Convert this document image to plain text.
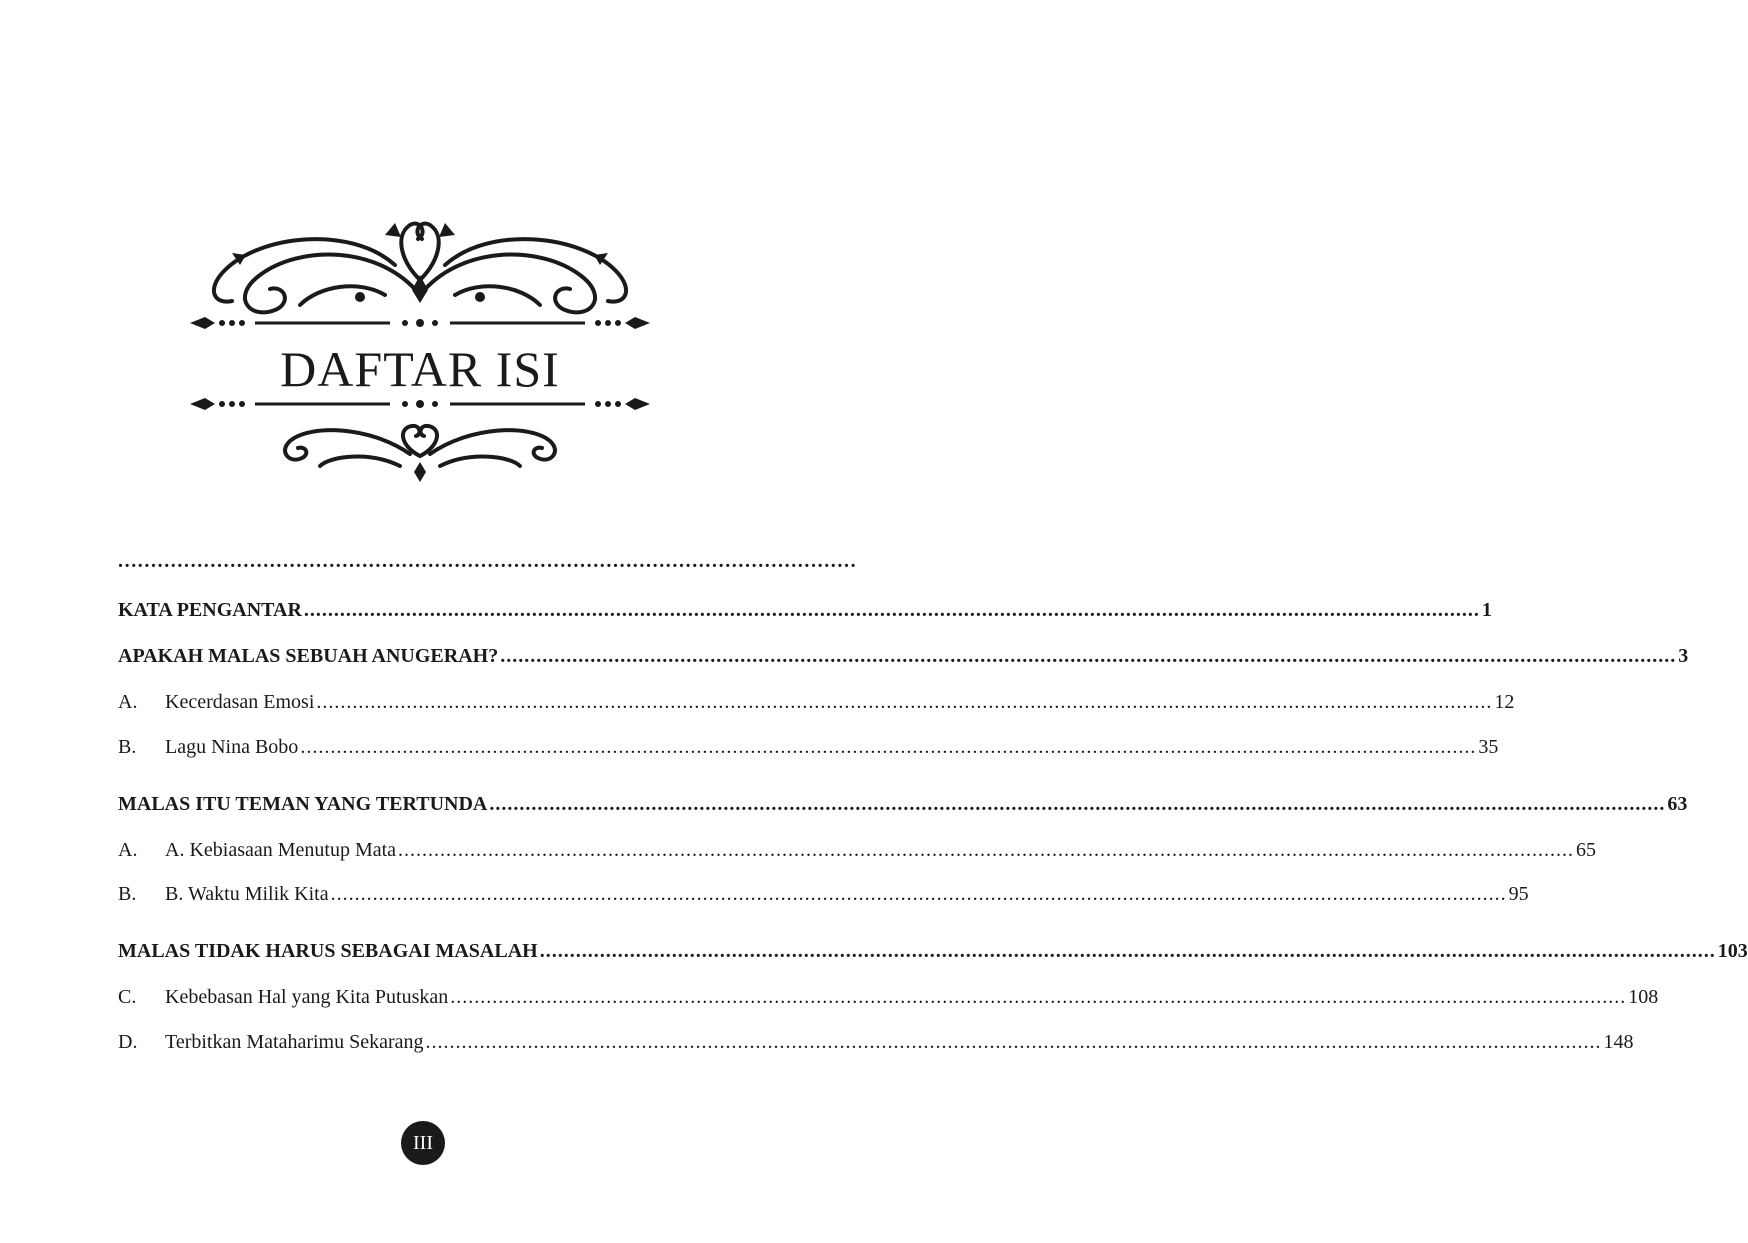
DAFTAR ISI
................................................................................................................
KATA PENGANTAR .....	1
APAKAH MALAS SEBUAH ANUGERAH? .....	3
A.	Kecerdasan Emosi .....	12
B.	Lagu Nina Bobo .....	35
MALAS ITU TEMAN YANG TERTUNDA .....	63
A.	A. Kebiasaan Menutup Mata .....	65
B.	B. Waktu Milik Kita .....	95
MALAS TIDAK HARUS SEBAGAI MASALAH .....	103
C.	Kebebasan Hal yang Kita Putuskan .....	108
D.	Terbitkan Mataharimu Sekarang .....	148
III
